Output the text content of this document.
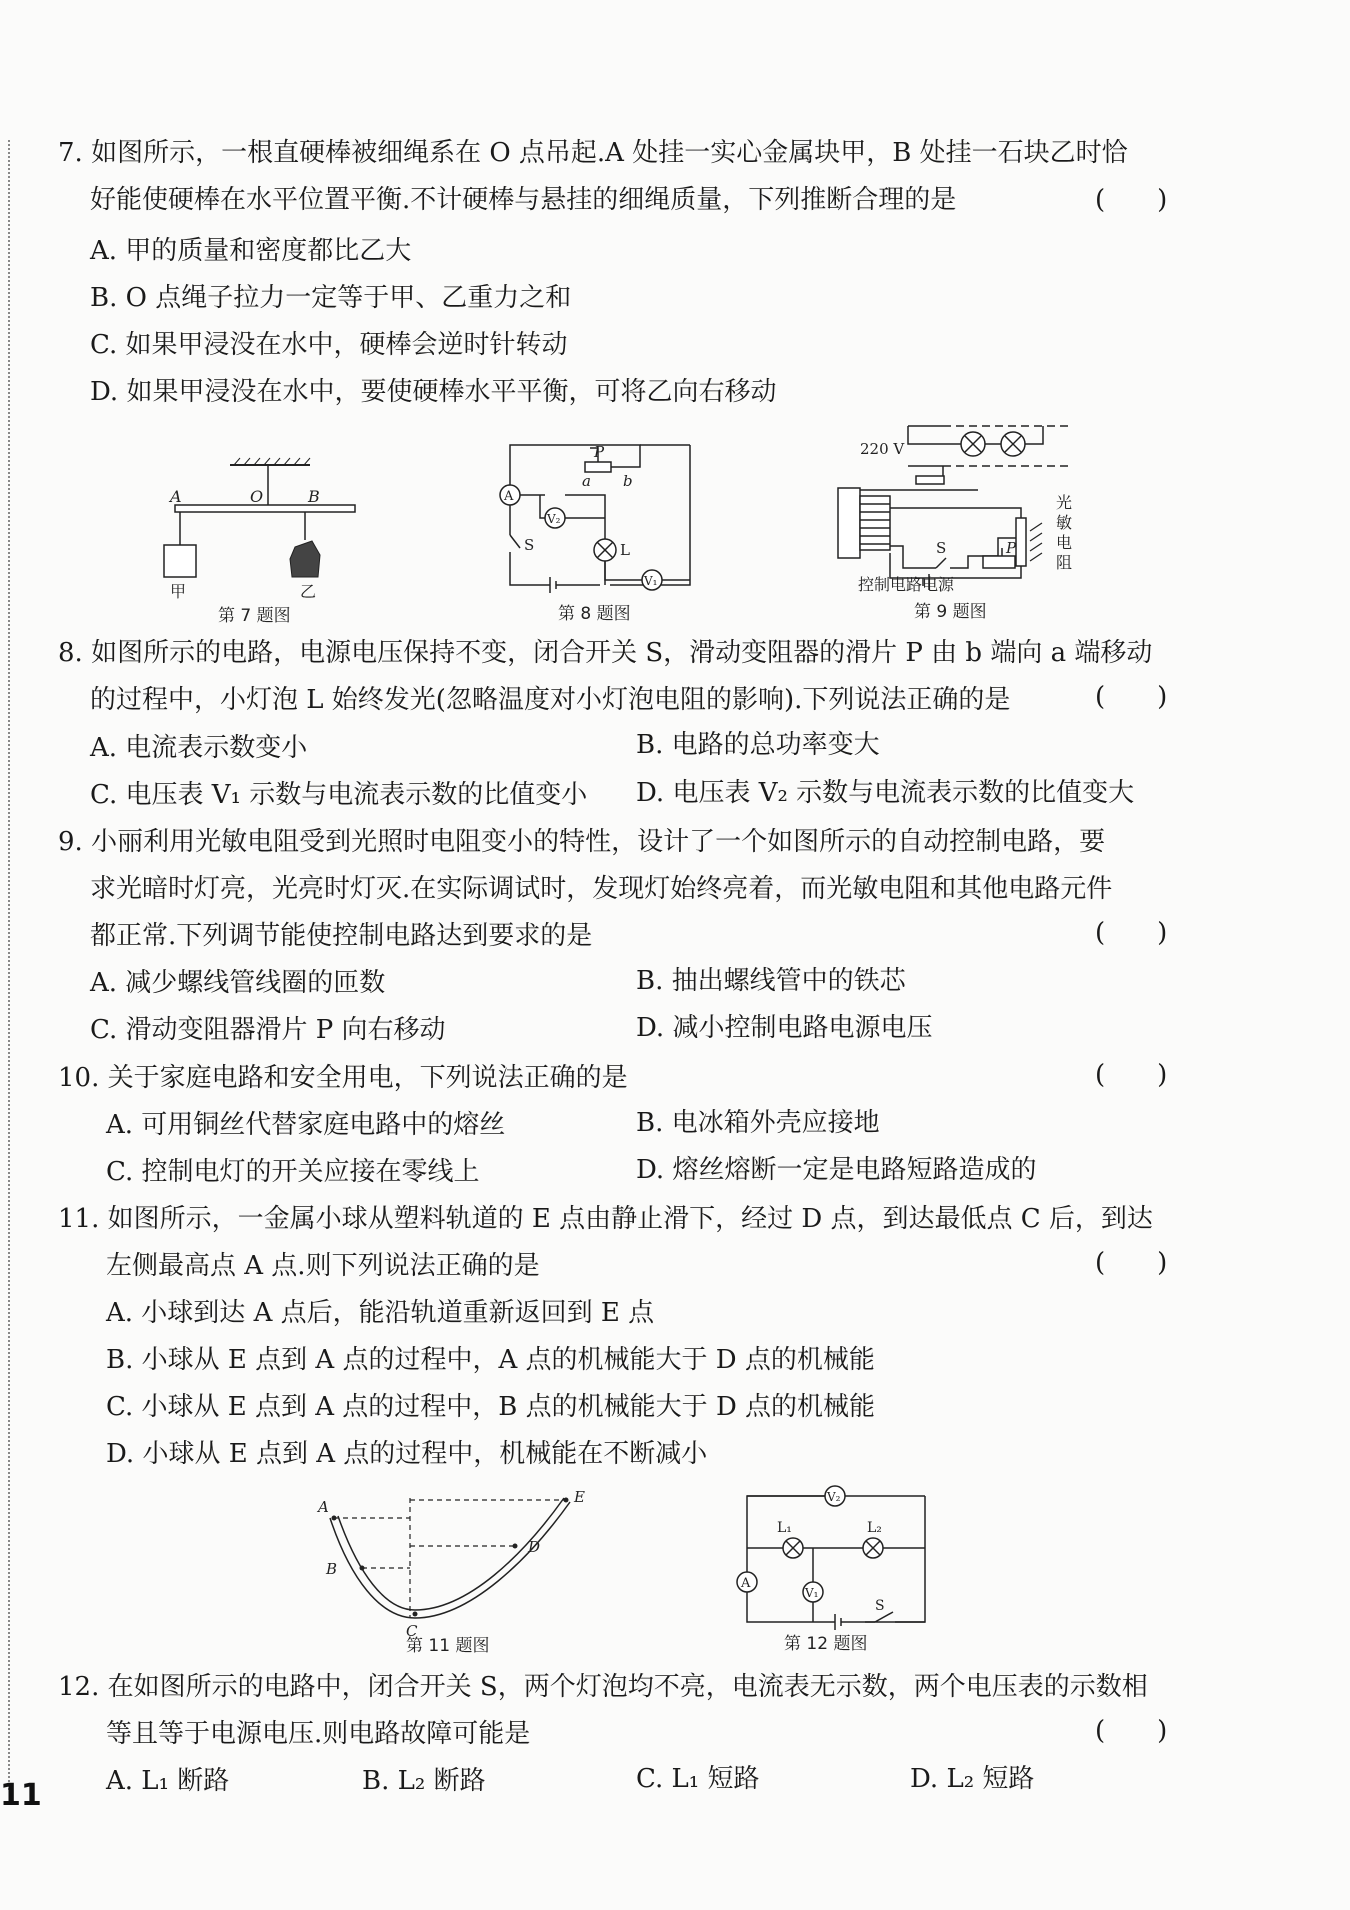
11
7. 如图所示，一根直硬棒被细绳系在 O 点吊起.A 处挂一实心金属块甲，B 处挂一石块乙时恰
好能使硬棒在水平位置平衡.不计硬棒与悬挂的细绳质量，下列推断合理的是	(　　)
A. 甲的质量和密度都比乙大
B. O 点绳子拉力一定等于甲、乙重力之和
C. 如果甲浸没在水中，硬棒会逆时针转动
D. 如果甲浸没在水中，要使硬棒水平平衡，可将乙向右移动
A	O	B
甲	乙
第 7 题图
P
a b
A
V₂
S	L
V₁
第 8 题图
220 V
S	P
控制电路电源
光
敏
电
阻
第 9 题图
8. 如图所示的电路，电源电压保持不变，闭合开关 S，滑动变阻器的滑片 P 由 b 端向 a 端移动
的过程中，小灯泡 L 始终发光(忽略温度对小灯泡电阻的影响).下列说法正确的是	(　　)
A. 电流表示数变小	B. 电路的总功率变大
C. 电压表 V₁ 示数与电流表示数的比值变小 D. 电压表 V₂ 示数与电流表示数的比值变大
9. 小丽利用光敏电阻受到光照时电阻变小的特性，设计了一个如图所示的自动控制电路，要
求光暗时灯亮，光亮时灯灭.在实际调试时，发现灯始终亮着，而光敏电阻和其他电路元件
都正常.下列调节能使控制电路达到要求的是	(　　)
A. 减少螺线管线圈的匝数	B. 抽出螺线管中的铁芯
C. 滑动变阻器滑片 P 向右移动	D. 减小控制电路电源电压
10. 关于家庭电路和安全用电，下列说法正确的是	(　　)
A. 可用铜丝代替家庭电路中的熔丝	B. 电冰箱外壳应接地
C. 控制电灯的开关应接在零线上	D. 熔丝熔断一定是电路短路造成的
11. 如图所示，一金属小球从塑料轨道的 E 点由静止滑下，经过 D 点，到达最低点 C 后，到达
左侧最高点 A 点.则下列说法正确的是	(　　)
A. 小球到达 A 点后，能沿轨道重新返回到 E 点
B. 小球从 E 点到 A 点的过程中，A 点的机械能大于 D 点的机械能
C. 小球从 E 点到 A 点的过程中，B 点的机械能大于 D 点的机械能
D. 小球从 E 点到 A 点的过程中，机械能在不断减小
A
B
C
D
E
第 11 题图
V₂
L₁	L₂
A
V₁
S
第 12 题图
12. 在如图所示的电路中，闭合开关 S，两个灯泡均不亮，电流表无示数，两个电压表的示数相
等且等于电源电压.则电路故障可能是	(　　)
A. L₁ 断路	B. L₂ 断路	C. L₁ 短路	D. L₂ 短路
